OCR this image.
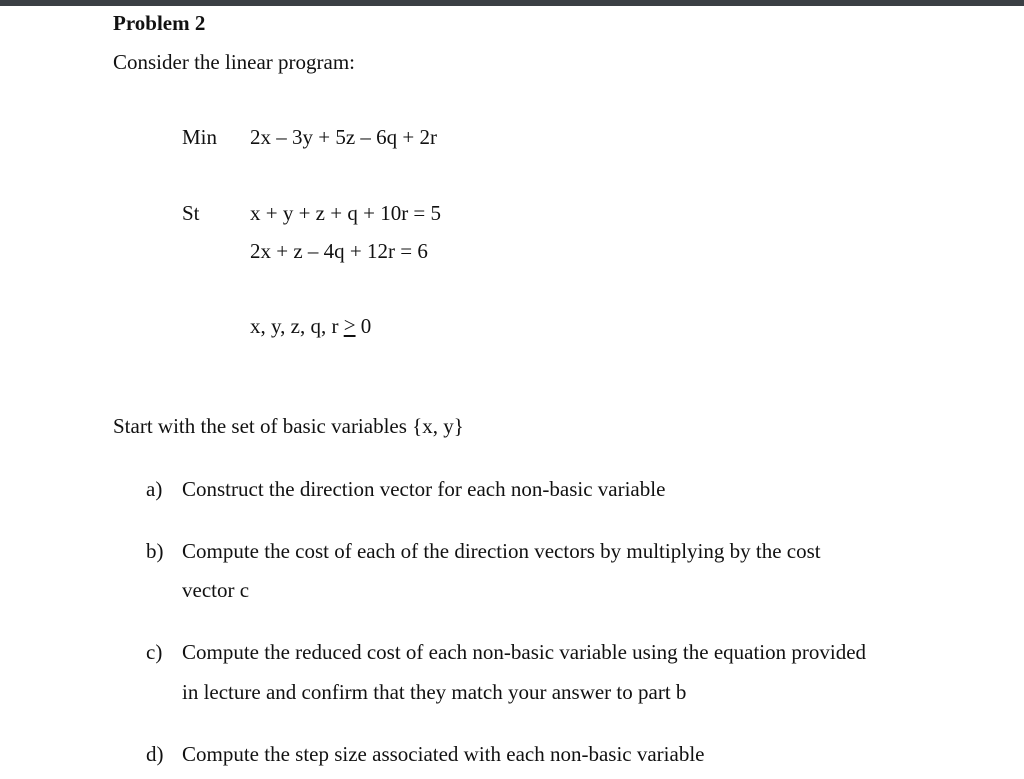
Problem 2
Consider the linear program:
Min 2x – 3y + 5z – 6q + 2r
St x + y + z + q + 10r = 5
2x + z – 4q + 12r = 6
x, y, z, q, r ≥ 0
Start with the set of basic variables {x, y}
a) Construct the direction vector for each non-basic variable
b) Compute the cost of each of the direction vectors by multiplying by the cost
vector c
c) Compute the reduced cost of each non-basic variable using the equation provided
in lecture and confirm that they match your answer to part b
d) Compute the step size associated with each non-basic variable
